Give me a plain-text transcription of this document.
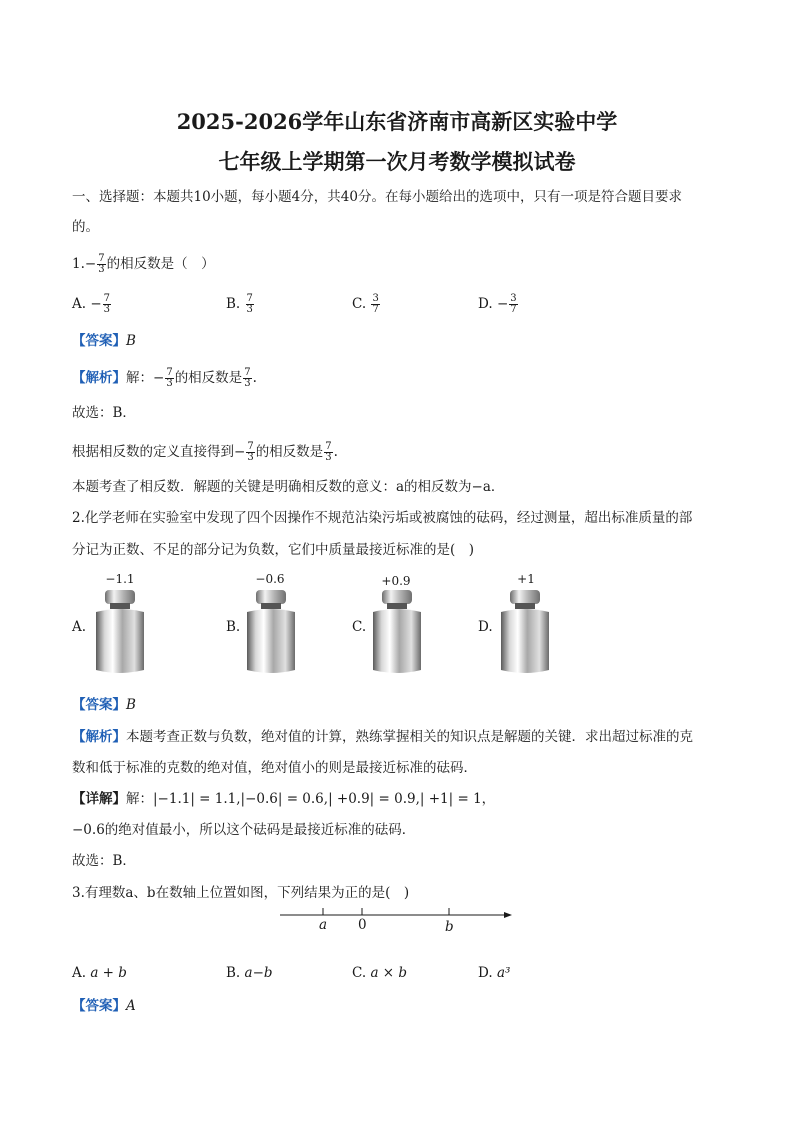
2025-2026学年山东省济南市高新区实验中学
七年级上学期第一次月考数学模拟试卷
一、选择题：本题共10小题，每小题4分，共40分。在每小题给出的选项中，只有一项是符合题目要求
的。
$1.- \frac{7}{3}$ 的相反数是（　）
A. − $\frac{7}{3}$	B. $\frac{7}{3}$	C. $\frac{3}{7}$	D. − $\frac{3}{7}$
【答案】B
【解析】解：− $\frac{7}{3}$ 的相反数是 $\frac{7}{3}$ .
故选：B．
根据相反数的定义直接得到− $\frac{7}{3}$ 的相反数是 $\frac{7}{3}$ .
本题考查了相反数．解题的关键是明确相反数的意义：a的相反数为−a．
2.化学老师在实验室中发现了四个因操作不规范沾染污垢或被腐蚀的砝码，经过测量，超出标准质量的部
分记为正数、不足的部分记为负数，它们中质量最接近标准的是(　)
−1.1
A.
−0.6
B.
+0.9
C.
+1
D.
【答案】B
【解析】本题考查正数与负数，绝对值的计算，熟练掌握相关的知识点是解题的关键．求出超过标准的克
数和低于标准的克数的绝对值，绝对值小的则是最接近标准的砝码．
【详解】解：|−1.1| = 1.1,|−0.6| = 0.6,| +0.9| = 0.9,| +1| = 1，
−0.6的绝对值最小，所以这个砝码是最接近标准的砝码．
故选：B．
3.有理数a、b在数轴上位置如图，下列结果为正的是(　)
a 0	b
A. a + b	B. a−b	C. a × b	D. a³
【答案】A
